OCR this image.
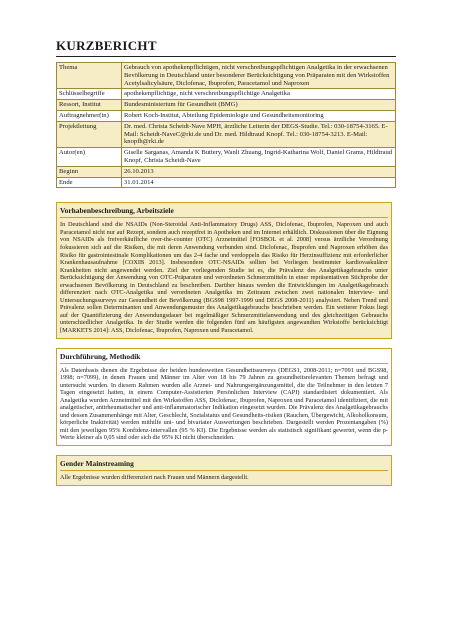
KURZBERICHT
Thema	Gebrauch von apothekenpflichtigen, nicht verschreibungspflichtigen Analgetika in der erwachsenen Bevölkerung in Deutschland unter besonderer Berücksichtigung von Präparaten mit den Wirkstoffen Acetylsalicylsäure, Diclofenac, Ibuprofen, Paracetamol und Naproxen
Schlüsselbegriffe	apothekenpflichtige, nicht verschreibungspflichtige Analgetika
Ressort, Institut	Bundesministerium für Gesundheit (BMG)
Auftragnehmer(in)	Robert Koch-Institut, Abteilung Epidemiologie und Gesundheitsmonitoring
Projektleitung	Dr. med. Christa Scheidt-Nave MPH, ärztliche Leiterin der DEGS-Studie. Tel.: 030-18754-3165. E-Mail: Scheidt-NaveC@rki.de und Dr. med. Hildtraud Knopf. Tel.: 030-18754-3213. E-Mail: knopfh@rki.de
Autor(en)	Giselle Sarganas, Amanda K Buttery, Wanli Zhuang, Ingrid-Katharina Wolf, Daniel Grams, Hildtraud Knopf, Christa Scheidt-Nave
Beginn	26.10.2013
Ende	31.01.2014
Vorhabenbeschreibung, Arbeitsziele

In Deutschland sind die NSAIDs (Non-Steroidal Anti-Inflammatory Drugs) ASS, Diclofenac, Ibuprofen, Naproxen und auch Paracetamol nicht nur auf Rezept, sondern auch rezeptfrei in Apotheken und im Internet erhältlich. Diskussionen über die Eignung von NSAIDs als freiverkäufliche over-the-counter (OTC) Arzneimittel [FOSBOL et al. 2008] versus ärztliche Verordnung fokussieren sich auf die Risiken, die mit deren Anwendung verbunden sind. Diclofenac, Ibuprofen und Naproxen erhöhen das Risiko für gastrointestinale Komplikationen um das 2-4 fache und verdoppeln das Risiko für Herzinsuffizienz mit erforderlicher Krankenhausaufnahme [COXIB 2013]. Insbesondere OTC-NSAIDs sollten bei Vorliegen bestimmter kardiovaskulärer Krankheiten nicht angewendet werden. Ziel der vorliegenden Studie ist es, die Prävalenz des Analgetikagebrauchs unter Berücksichtigung der Anwendung von OTC-Präparaten und verordneten Schmerzmitteln in einer repräsentativen Stichprobe der erwachsenen Bevölkerung in Deutschland zu beschreiben. Darüber hinaus werden die Entwicklungen im Analgetikagebrauch differenziert nach OTC-Analgetika und verordneten Analgetika im Zeitraum zwischen zwei nationalen Interview- und Untersuchungssurveys zur Gesundheit der Bevölkerung (BGS98 1997-1999 und DEGS 2008-2011) analysiert. Neben Trend und Prävalenz sollen Determinanten und Anwendungsmuster des Analgetikagebrauchs beschrieben werden. Ein weiterer Fokus liegt auf der Quantifizierung der Anwendungsdauer bei regelmäßiger Schmerzmittelanwendung und des gleichzeitigen Gebrauchs unterschiedlicher Analgetika. In der Studie werden die folgenden fünf am häufigsten angewandten Wirkstoffe berücksichtigt [MARKETS 2014]: ASS, Diclofenac, Ibuprofen, Naproxen und Paracetamol.

Durchführung, Methodik

Als Datenbasis dienen die Ergebnisse der beiden bundesweiten Gesundheitssurveys (DEGS1, 2008-2011; n=7091 und BGS98, 1998; n=7099), in denen Frauen und Männer im Alter von 18 bis 79 Jahren zu gesundheitsrelevanten Themen befragt und untersucht wurden. In diesem Rahmen wurden alle Arznei- und Nahrungsergänzungsmittel, die die Teilnehmer in den letzten 7 Tagen eingesetzt hatten, in einem Computer-Assistierten Persönlichen Interview (CAPI) standardisiert dokumentiert. Als Analgetika wurden Arzneimittel mit den Wirkstoffen ASS, Diclofenac, Ibuprofen, Naproxen und Paracetamol identifiziert, die mit analgetischer, antirheumatischer und anti-inflammatorischer Indikation eingesetzt wurden. Die Prävalenz des Analgetikagebrauchs und dessen Zusammenhänge mit Alter, Geschlecht, Sozialstatus und Gesundheits-risiken (Rauchen, Übergewicht, Alkoholkonsum, körperliche Inaktivität) werden mithilfe uni- und bivariater Auswertungen beschrieben. Dargestellt werden Prozentangaben (%) mit den jeweiligen 95% Konfidenz-intervallen (95 % KI). Die Ergebnisse werden als statistisch signifikant gewertet, wenn die p-Werte kleiner als 0,05 sind oder sich die 95% KI nicht überschneiden.

Gender Mainstreaming

Alle Ergebnisse wurden differenziert nach Frauen und Männern dargestellt.
